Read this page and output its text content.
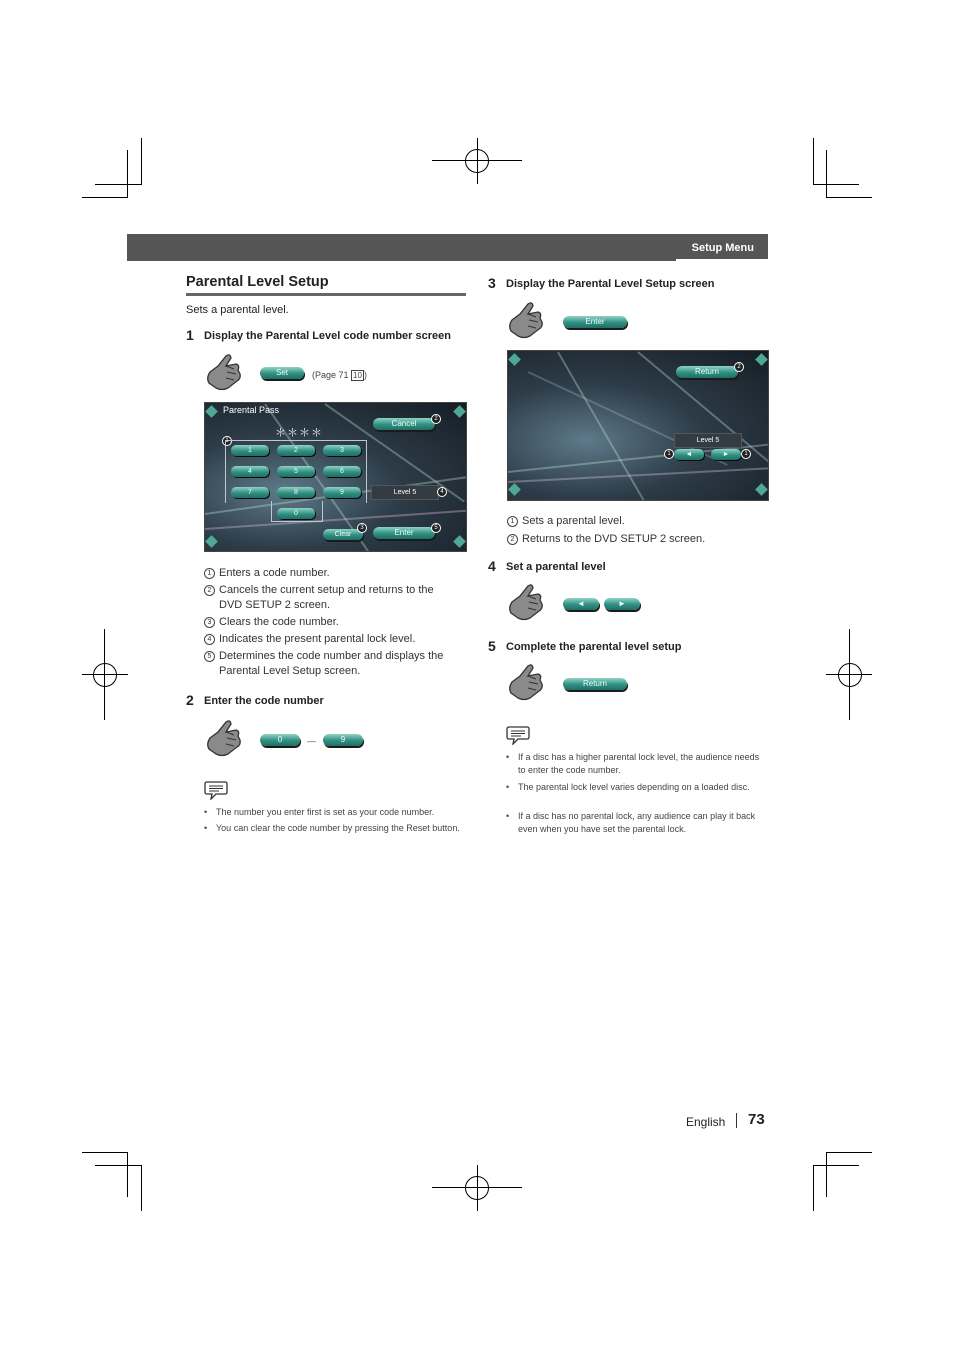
Setup Menu
Parental Level Setup
Sets a parental level.
1 Display the Parental Level code number screen
Set	(Page 71 10 )
Parental Pass
＊＊＊＊
Cancel	2
1
1	2	3
4	5	6
7	8	9
0
Level 5	4
Clear
3	Enter	5
1 Enters a code number.
2 Cancels the current setup and returns to the
DVD SETUP 2 screen.
3 Clears the code number.
4 Indicates the present parental lock level.
5 Determines the code number and displays the
Parental Level Setup screen.
2 Enter the code number
0	—	9
• The number you enter first is set as your code number.
• You can clear the code number by pressing the Reset button.
3 Display the Parental Level Setup screen
Enter
Return	2
Level 5
1	◄	►	1
1 Sets a parental level.
2 Returns to the DVD SETUP 2 screen.
4 Set a parental level
◄	►
5 Complete the parental level setup
Return
• If a disc has a higher parental lock level, the audience needs to enter the code number.
• The parental lock level varies depending on a loaded disc.
• If a disc has no parental lock, any audience can play it back even when you have set the parental lock.
English 73
